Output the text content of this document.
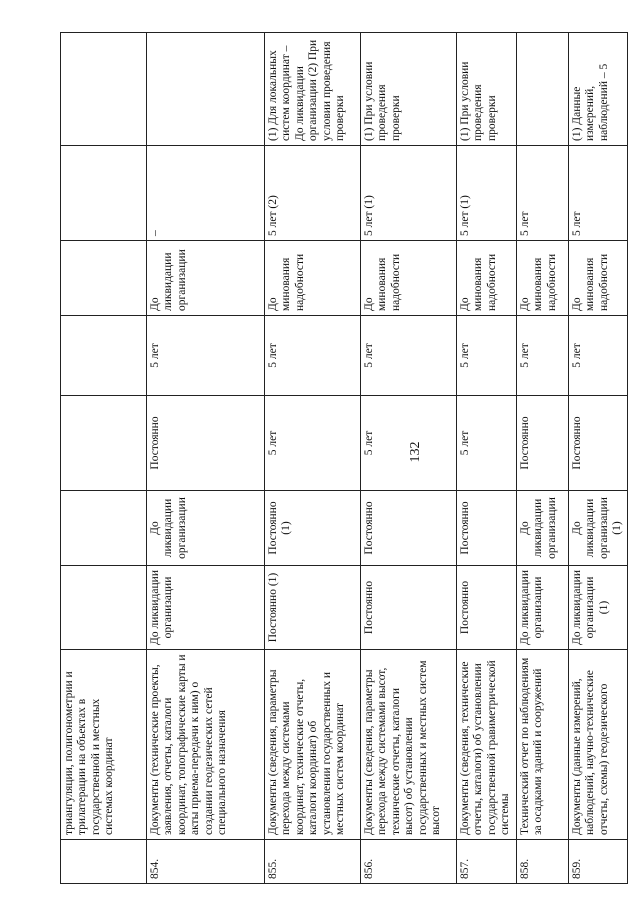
132
	триангуляции, полигонометрии и трилатерации на объектах в государственной и местных системах координат							
854.	Документы (технические проекты, заявления, отчеты, каталоги координат, топографические карты и акты приема-передачи к ним) о создании геодезических сетей специального назначения	До ликвидации организации	До ликвидации организации	Постоянно	5 лет	До ликвидации организации	–	
855.	Документы (сведения, параметры перехода между системами координат, технические отчеты, каталоги координат) об установлении государственных и местных систем координат	Постоянно (1)	Постоянно (1)	5 лет	5 лет	До минования надобности	5 лет (2)	(1) Для локальных систем координат – До ликвидации организации (2) При условии проведения проверки
856.	Документы (сведения, параметры перехода между системами высот, технические отчеты, каталоги высот) об установлении государственных и местных систем высот	Постоянно	Постоянно	5 лет	5 лет	До минования надобности	5 лет (1)	(1) При условии проведения проверки
857.	Документы (сведения, технические отчеты, каталоги) об установлении государственной гравиметрической системы	Постоянно	Постоянно	5 лет	5 лет	До минования надобности	5 лет (1)	(1) При условии проведения проверки
858.	Технический отчет по наблюдениям за осадками зданий и сооружений	До ликвидации организации	До ликвидации организации	Постоянно	5 лет	До минования надобности	5 лет	
859.	Документы (данные измерений, наблюдений, научно-технические отчеты, схемы) геодезического	До ликвидации организации (1)	До ликвидации организации (1)	Постоянно	5 лет	До минования надобности	5 лет	(1) Данные измерений, наблюдений – 5
